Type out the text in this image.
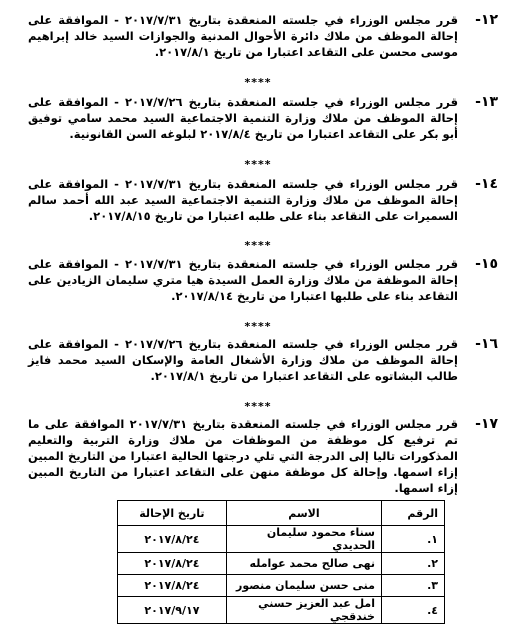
١٢-
قرر مجلس الوزراء في جلسته المنعقدة بتاريخ ٢٠١٧/٧/٣١ - الموافقة على إحالة الموظف من ملاك دائرة الأحوال المدنية والجوازات السيد خالد إبراهيم موسى محسن على التقاعد اعتبارا من تاريخ ٢٠١٧/٨/١.
****
١٣-
قرر مجلس الوزراء في جلسته المنعقدة بتاريخ ٢٠١٧/٧/٢٦ - الموافقة على إحالة الموظف من ملاك وزارة التنمية الاجتماعية السيد محمد سامي توفيق أبو بكر على التقاعد اعتبارا من تاريخ ٢٠١٧/٨/٤ لبلوغه السن القانونية.
****
١٤-
قرر مجلس الوزراء في جلسته المنعقدة بتاريخ ٢٠١٧/٧/٣١ - الموافقة على إحالة الموظف من ملاك وزارة التنمية الاجتماعية السيد عبد الله أحمد سالم السميرات على التقاعد بناء على طلبه اعتبارا من تاريخ ٢٠١٧/٨/١٥.
****
١٥-
قرر مجلس الوزراء في جلسته المنعقدة بتاريخ ٢٠١٧/٧/٣١ - الموافقة على إحالة الموظفة من ملاك وزارة العمل السيدة هيا متري سليمان الزيادين على التقاعد بناء على طلبها اعتبارا من تاريخ ٢٠١٧/٨/١٤.
****
١٦-
قرر مجلس الوزراء في جلسته المنعقدة بتاريخ ٢٠١٧/٧/٢٦ - الموافقة على إحالة الموظف من ملاك وزارة الأشغال العامة والإسكان السيد محمد فايز طالب البشاتوه على التقاعد اعتبارا من تاريخ ٢٠١٧/٨/١.
****
١٧-
قرر مجلس الوزراء في جلسته المنعقدة بتاريخ ٢٠١٧/٧/٣١ الموافقة على ما تم ترفيع كل موظفة من الموظفات من ملاك وزارة التربية والتعليم المذكورات تاليا إلى الدرجة التي تلي درجتها الحالية اعتبارا من التاريخ المبين إزاء اسمها. وإحالة كل موظفة منهن على التقاعد اعتبارا من التاريخ المبين إزاء اسمها.
الرقم	الاسم	تاريخ الإحالة
١.	سناء محمود سليمان الحديدي	٢٠١٧/٨/٢٤
٢.	نهى صالح محمد عوامله	٢٠١٧/٨/٢٤
٣.	منى حسن سليمان منصور	٢٠١٧/٨/٢٤
٤.	امل عبد العزيز حسني خندقجي	٢٠١٧/٩/١٧
